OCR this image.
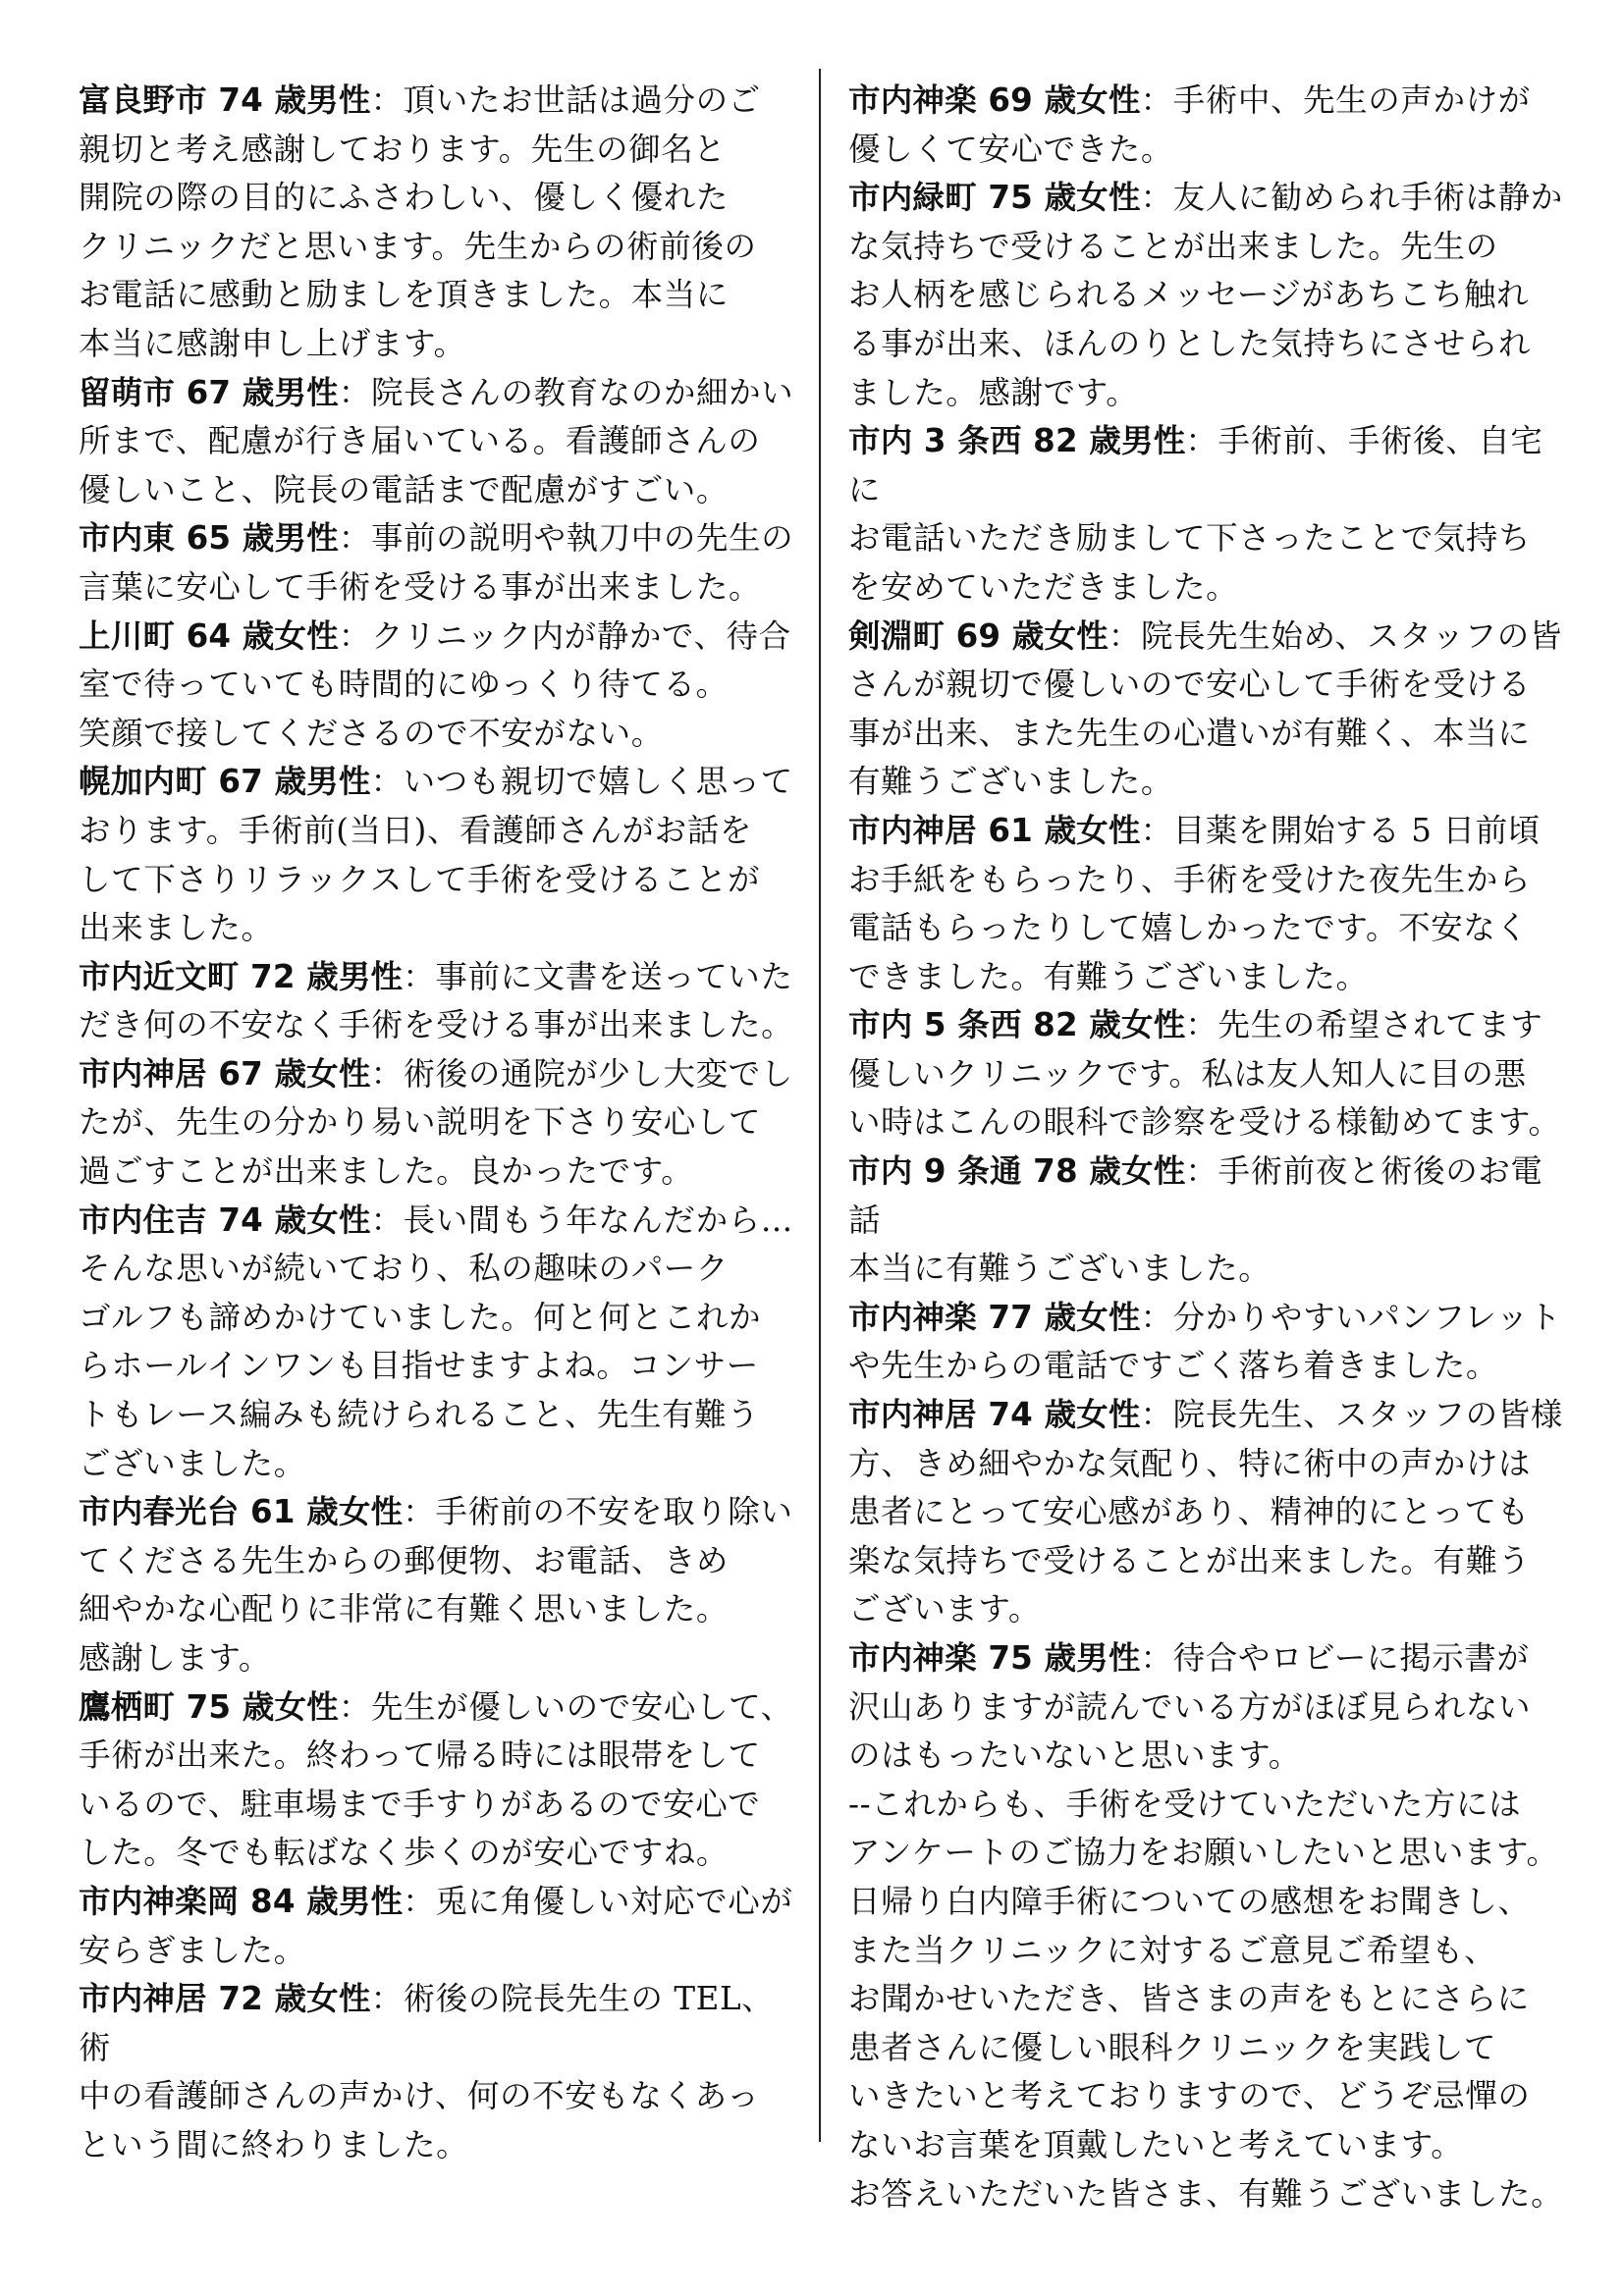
富良野市 74 歳男性：頂いたお世話は過分のご
親切と考え感謝しております。先生の御名と
開院の際の目的にふさわしい、優しく優れた
クリニックだと思います。先生からの術前後の
お電話に感動と励ましを頂きました。本当に
本当に感謝申し上げます。

留萌市 67 歳男性：院長さんの教育なのか細かい
所まで、配慮が行き届いている。看護師さんの
優しいこと、院長の電話まで配慮がすごい。

市内東 65 歳男性：事前の説明や執刀中の先生の
言葉に安心して手術を受ける事が出来ました。

上川町 64 歳女性：クリニック内が静かで、待合
室で待っていても時間的にゆっくり待てる。
笑顔で接してくださるので不安がない。

幌加内町 67 歳男性：いつも親切で嬉しく思って
おります。手術前(当日)、看護師さんがお話を
して下さりリラックスして手術を受けることが
出来ました。

市内近文町 72 歳男性：事前に文書を送っていた
だき何の不安なく手術を受ける事が出来ました。

市内神居 67 歳女性：術後の通院が少し大変でし
たが、先生の分かり易い説明を下さり安心して
過ごすことが出来ました。良かったです。

市内住吉 74 歳女性：長い間もう年なんだから…
そんな思いが続いており、私の趣味のパーク
ゴルフも諦めかけていました。何と何とこれか
らホールインワンも目指せますよね。コンサー
トもレース編みも続けられること、先生有難う
ございました。

市内春光台 61 歳女性：手術前の不安を取り除い
てくださる先生からの郵便物、お電話、きめ
細やかな心配りに非常に有難く思いました。
感謝します。

鷹栖町 75 歳女性：先生が優しいので安心して、
手術が出来た。終わって帰る時には眼帯をして
いるので、駐車場まで手すりがあるので安心で
した。冬でも転ばなく歩くのが安心ですね。

市内神楽岡 84 歳男性：兎に角優しい対応で心が
安らぎました。

市内神居 72 歳女性：術後の院長先生の TEL、術
中の看護師さんの声かけ、何の不安もなくあっ
という間に終わりました。

市内神楽 69 歳女性：手術中、先生の声かけが
優しくて安心できた。

市内緑町 75 歳女性：友人に勧められ手術は静か
な気持ちで受けることが出来ました。先生の
お人柄を感じられるメッセージがあちこち触れ
る事が出来、ほんのりとした気持ちにさせられ
ました。感謝です。

市内 3 条西 82 歳男性：手術前、手術後、自宅に
お電話いただき励まして下さったことで気持ち
を安めていただきました。

剣淵町 69 歳女性：院長先生始め、スタッフの皆
さんが親切で優しいので安心して手術を受ける
事が出来、また先生の心遣いが有難く、本当に
有難うございました。

市内神居 61 歳女性：目薬を開始する 5 日前頃
お手紙をもらったり、手術を受けた夜先生から
電話もらったりして嬉しかったです。不安なく
できました。有難うございました。

市内 5 条西 82 歳女性：先生の希望されてます
優しいクリニックです。私は友人知人に目の悪
い時はこんの眼科で診察を受ける様勧めてます。

市内 9 条通 78 歳女性：手術前夜と術後のお電話
本当に有難うございました。

市内神楽 77 歳女性：分かりやすいパンフレット
や先生からの電話ですごく落ち着きました。

市内神居 74 歳女性：院長先生、スタッフの皆様
方、きめ細やかな気配り、特に術中の声かけは
患者にとって安心感があり、精神的にとっても
楽な気持ちで受けることが出来ました。有難う
ございます。

市内神楽 75 歳男性：待合やロビーに掲示書が
沢山ありますが読んでいる方がほぼ見られない
のはもったいないと思います。

--これからも、手術を受けていただいた方には
アンケートのご協力をお願いしたいと思います。
日帰り白内障手術についての感想をお聞きし、
また当クリニックに対するご意見ご希望も、
お聞かせいただき、皆さまの声をもとにさらに
患者さんに優しい眼科クリニックを実践して
いきたいと考えておりますので、どうぞ忌憚の
ないお言葉を頂戴したいと考えています。
お答えいただいた皆さま、有難うございました。
